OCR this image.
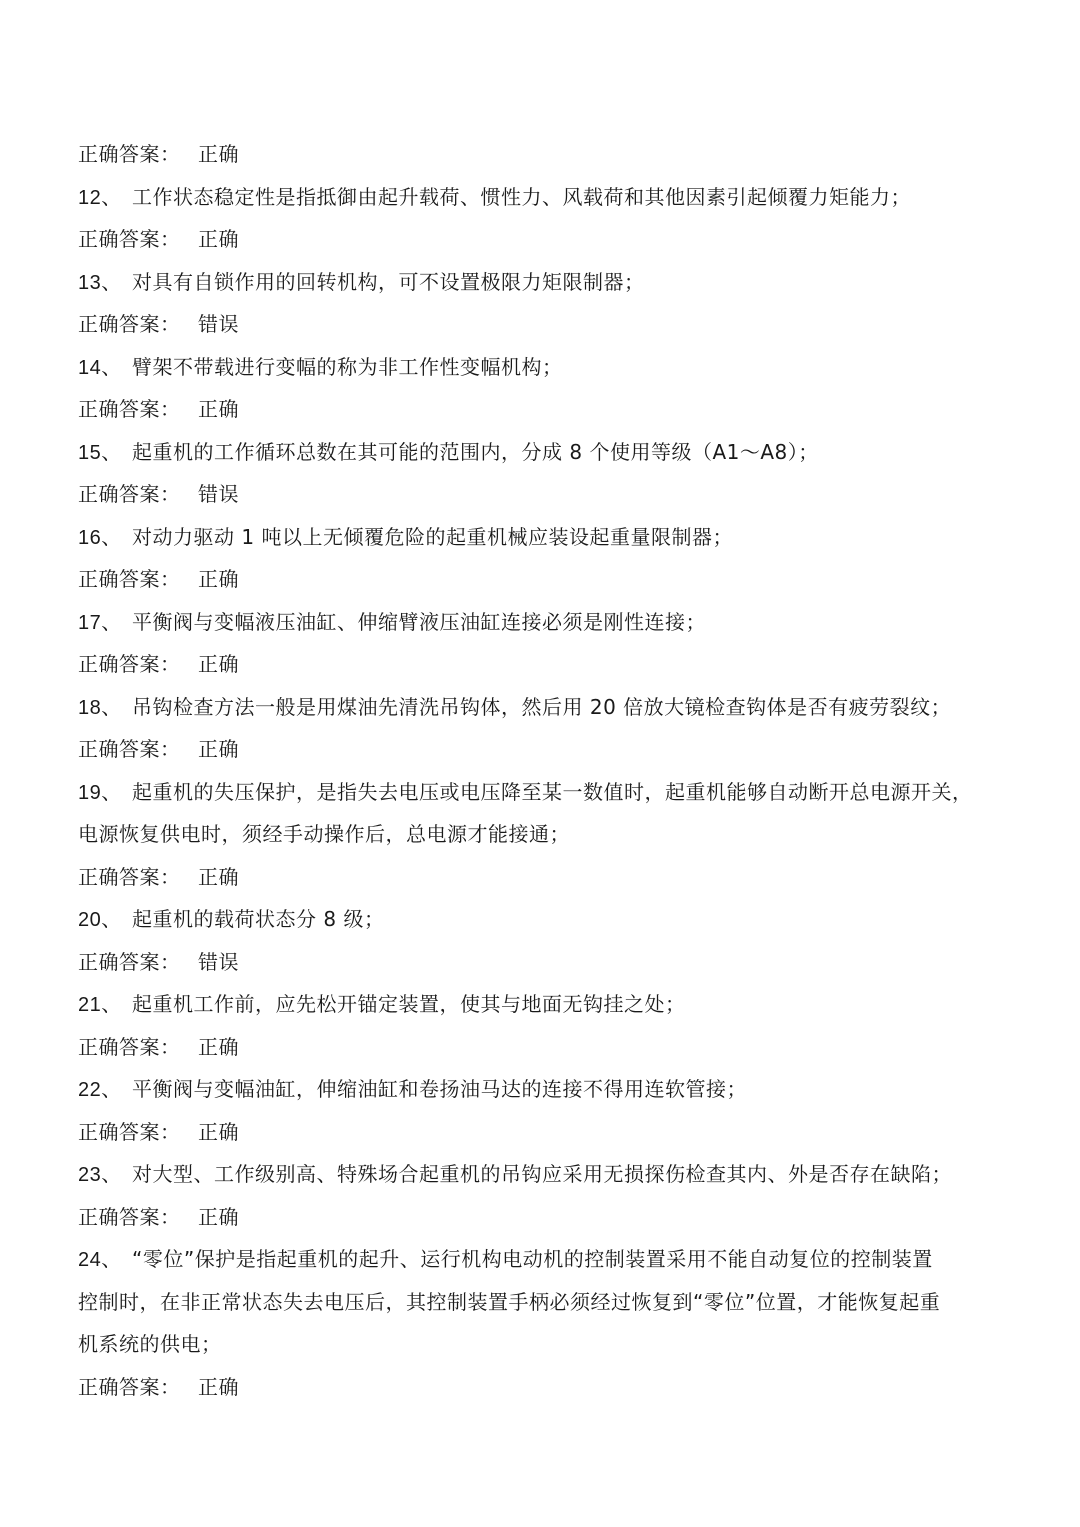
正确答案： 正确
12、 工作状态稳定性是指抵御由起升载荷、惯性力、风载荷和其他因素引起倾覆力矩能力；
正确答案： 正确
13、 对具有自锁作用的回转机构，可不设置极限力矩限制器；
正确答案： 错误
14、 臂架不带载进行变幅的称为非工作性变幅机构；
正确答案： 正确
15、 起重机的工作循环总数在其可能的范围内，分成 8 个使用等级（A1～A8）；
正确答案： 错误
16、 对动力驱动 1 吨以上无倾覆危险的起重机械应装设起重量限制器；
正确答案： 正确
17、 平衡阀与变幅液压油缸、伸缩臂液压油缸连接必须是刚性连接；
正确答案： 正确
18、 吊钩检查方法一般是用煤油先清洗吊钩体，然后用 20 倍放大镜检查钩体是否有疲劳裂纹；
正确答案： 正确
19、 起重机的失压保护，是指失去电压或电压降至某一数值时，起重机能够自动断开总电源开关，
电源恢复供电时，须经手动操作后，总电源才能接通；
正确答案： 正确
20、 起重机的载荷状态分 8 级；
正确答案： 错误
21、 起重机工作前，应先松开锚定装置，使其与地面无钩挂之处；
正确答案： 正确
22、 平衡阀与变幅油缸，伸缩油缸和卷扬油马达的连接不得用连软管接；
正确答案： 正确
23、 对大型、工作级别高、特殊场合起重机的吊钩应采用无损探伤检查其内、外是否存在缺陷；
正确答案： 正确
24、 “零位”保护是指起重机的起升、运行机构电动机的控制装置采用不能自动复位的控制装置
控制时，在非正常状态失去电压后，其控制装置手柄必须经过恢复到“零位”位置，才能恢复起重
机系统的供电；
正确答案： 正确
